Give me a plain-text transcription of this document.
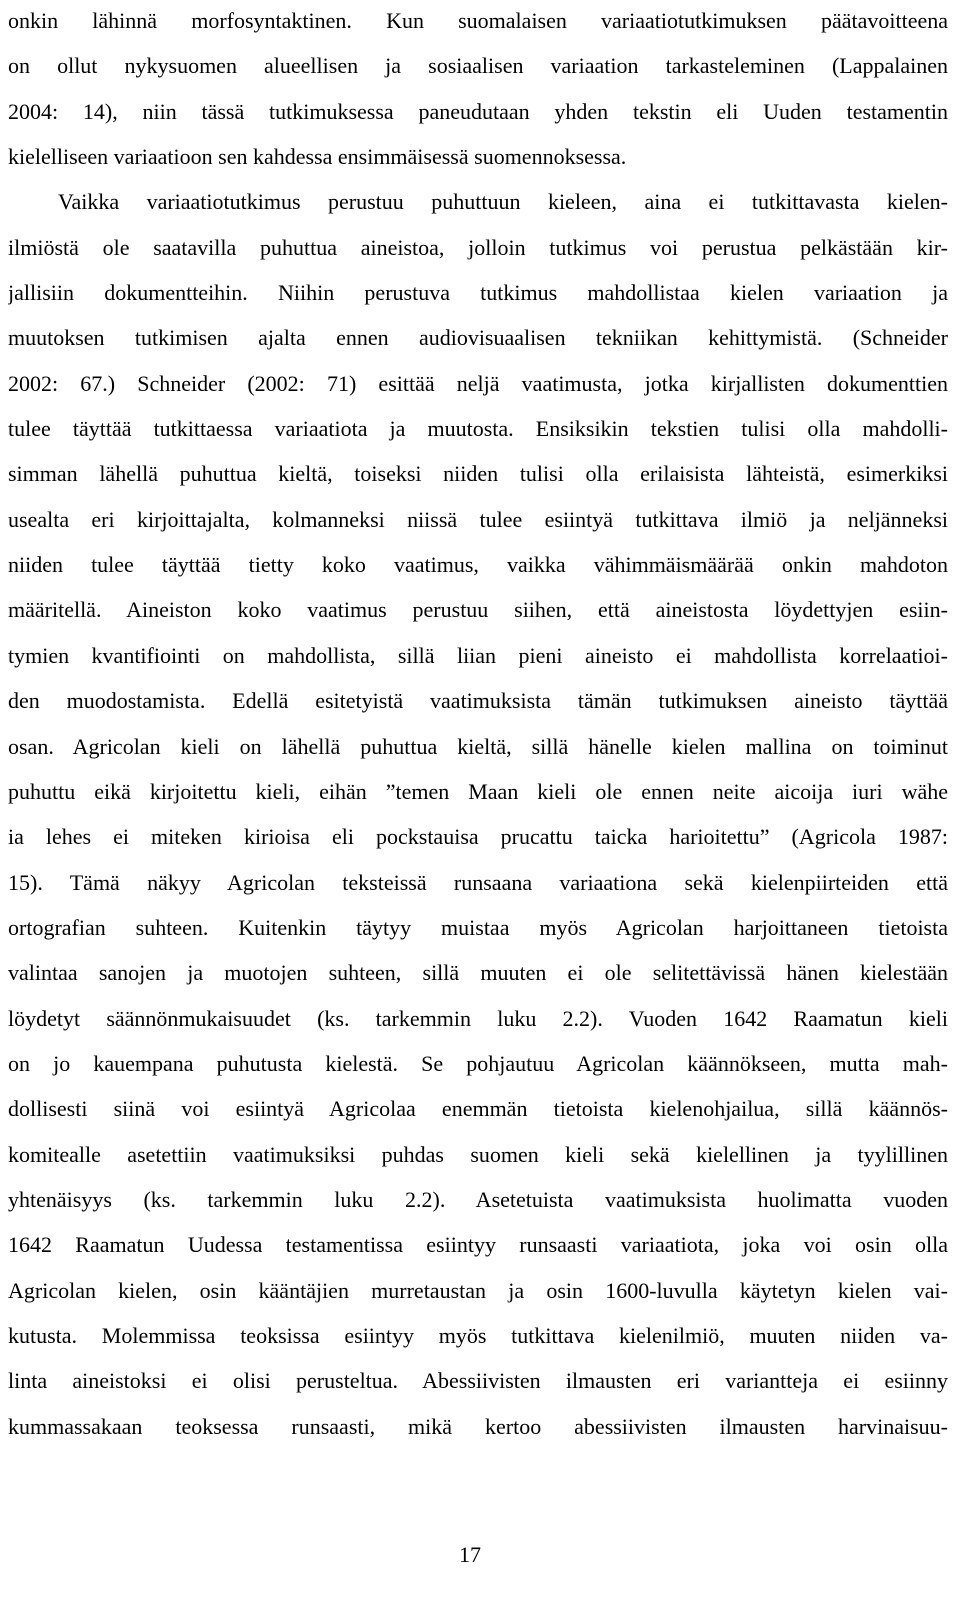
onkin lähinnä morfosyntaktinen. Kun suomalaisen variaatiotutkimuksen päätavoitteena
on ollut nykysuomen alueellisen ja sosiaalisen variaation tarkasteleminen (Lappalainen
2004: 14), niin tässä tutkimuksessa paneudutaan yhden tekstin eli Uuden testamentin
kielelliseen variaatioon sen kahdessa ensimmäisessä suomennoksessa.
Vaikka variaatiotutkimus perustuu puhuttuun kieleen, aina ei tutkittavasta kielen-
ilmiöstä ole saatavilla puhuttua aineistoa, jolloin tutkimus voi perustua pelkästään kir-
jallisiin dokumentteihin. Niihin perustuva tutkimus mahdollistaa kielen variaation ja
muutoksen tutkimisen ajalta ennen audiovisuaalisen tekniikan kehittymistä. (Schneider
2002: 67.) Schneider (2002: 71) esittää neljä vaatimusta, jotka kirjallisten dokumenttien
tulee täyttää tutkittaessa variaatiota ja muutosta. Ensiksikin tekstien tulisi olla mahdolli-
simman lähellä puhuttua kieltä, toiseksi niiden tulisi olla erilaisista lähteistä, esimerkiksi
usealta eri kirjoittajalta, kolmanneksi niissä tulee esiintyä tutkittava ilmiö ja neljänneksi
niiden tulee täyttää tietty koko vaatimus, vaikka vähimmäismäärää onkin mahdoton
määritellä. Aineiston koko vaatimus perustuu siihen, että aineistosta löydettyjen esiin-
tymien kvantifiointi on mahdollista, sillä liian pieni aineisto ei mahdollista korrelaatioi-
den muodostamista. Edellä esitetyistä vaatimuksista tämän tutkimuksen aineisto täyttää
osan. Agricolan kieli on lähellä puhuttua kieltä, sillä hänelle kielen mallina on toiminut
puhuttu eikä kirjoitettu kieli, eihän ”temen Maan kieli ole ennen neite aicoija iuri wähe
ia lehes ei miteken kirioisa eli pockstauisa prucattu taicka harioitettu” (Agricola 1987:
15). Tämä näkyy Agricolan teksteissä runsaana variaationa sekä kielenpiirteiden että
ortografian suhteen. Kuitenkin täytyy muistaa myös Agricolan harjoittaneen tietoista
valintaa sanojen ja muotojen suhteen, sillä muuten ei ole selitettävissä hänen kielestään
löydetyt säännönmukaisuudet (ks. tarkemmin luku 2.2). Vuoden 1642 Raamatun kieli
on jo kauempana puhutusta kielestä. Se pohjautuu Agricolan käännökseen, mutta mah-
dollisesti siinä voi esiintyä Agricolaa enemmän tietoista kielenohjailua, sillä käännös-
komitealle asetettiin vaatimuksiksi puhdas suomen kieli sekä kielellinen ja tyylillinen
yhtenäisyys (ks. tarkemmin luku 2.2). Asetetuista vaatimuksista huolimatta vuoden
1642 Raamatun Uudessa testamentissa esiintyy runsaasti variaatiota, joka voi osin olla
Agricolan kielen, osin kääntäjien murretaustan ja osin 1600-luvulla käytetyn kielen vai-
kutusta. Molemmissa teoksissa esiintyy myös tutkittava kielenilmiö, muuten niiden va-
linta aineistoksi ei olisi perusteltua. Abessiivisten ilmausten eri variantteja ei esiinny
kummassakaan teoksessa runsaasti, mikä kertoo abessiivisten ilmausten harvinaisuu-
17
